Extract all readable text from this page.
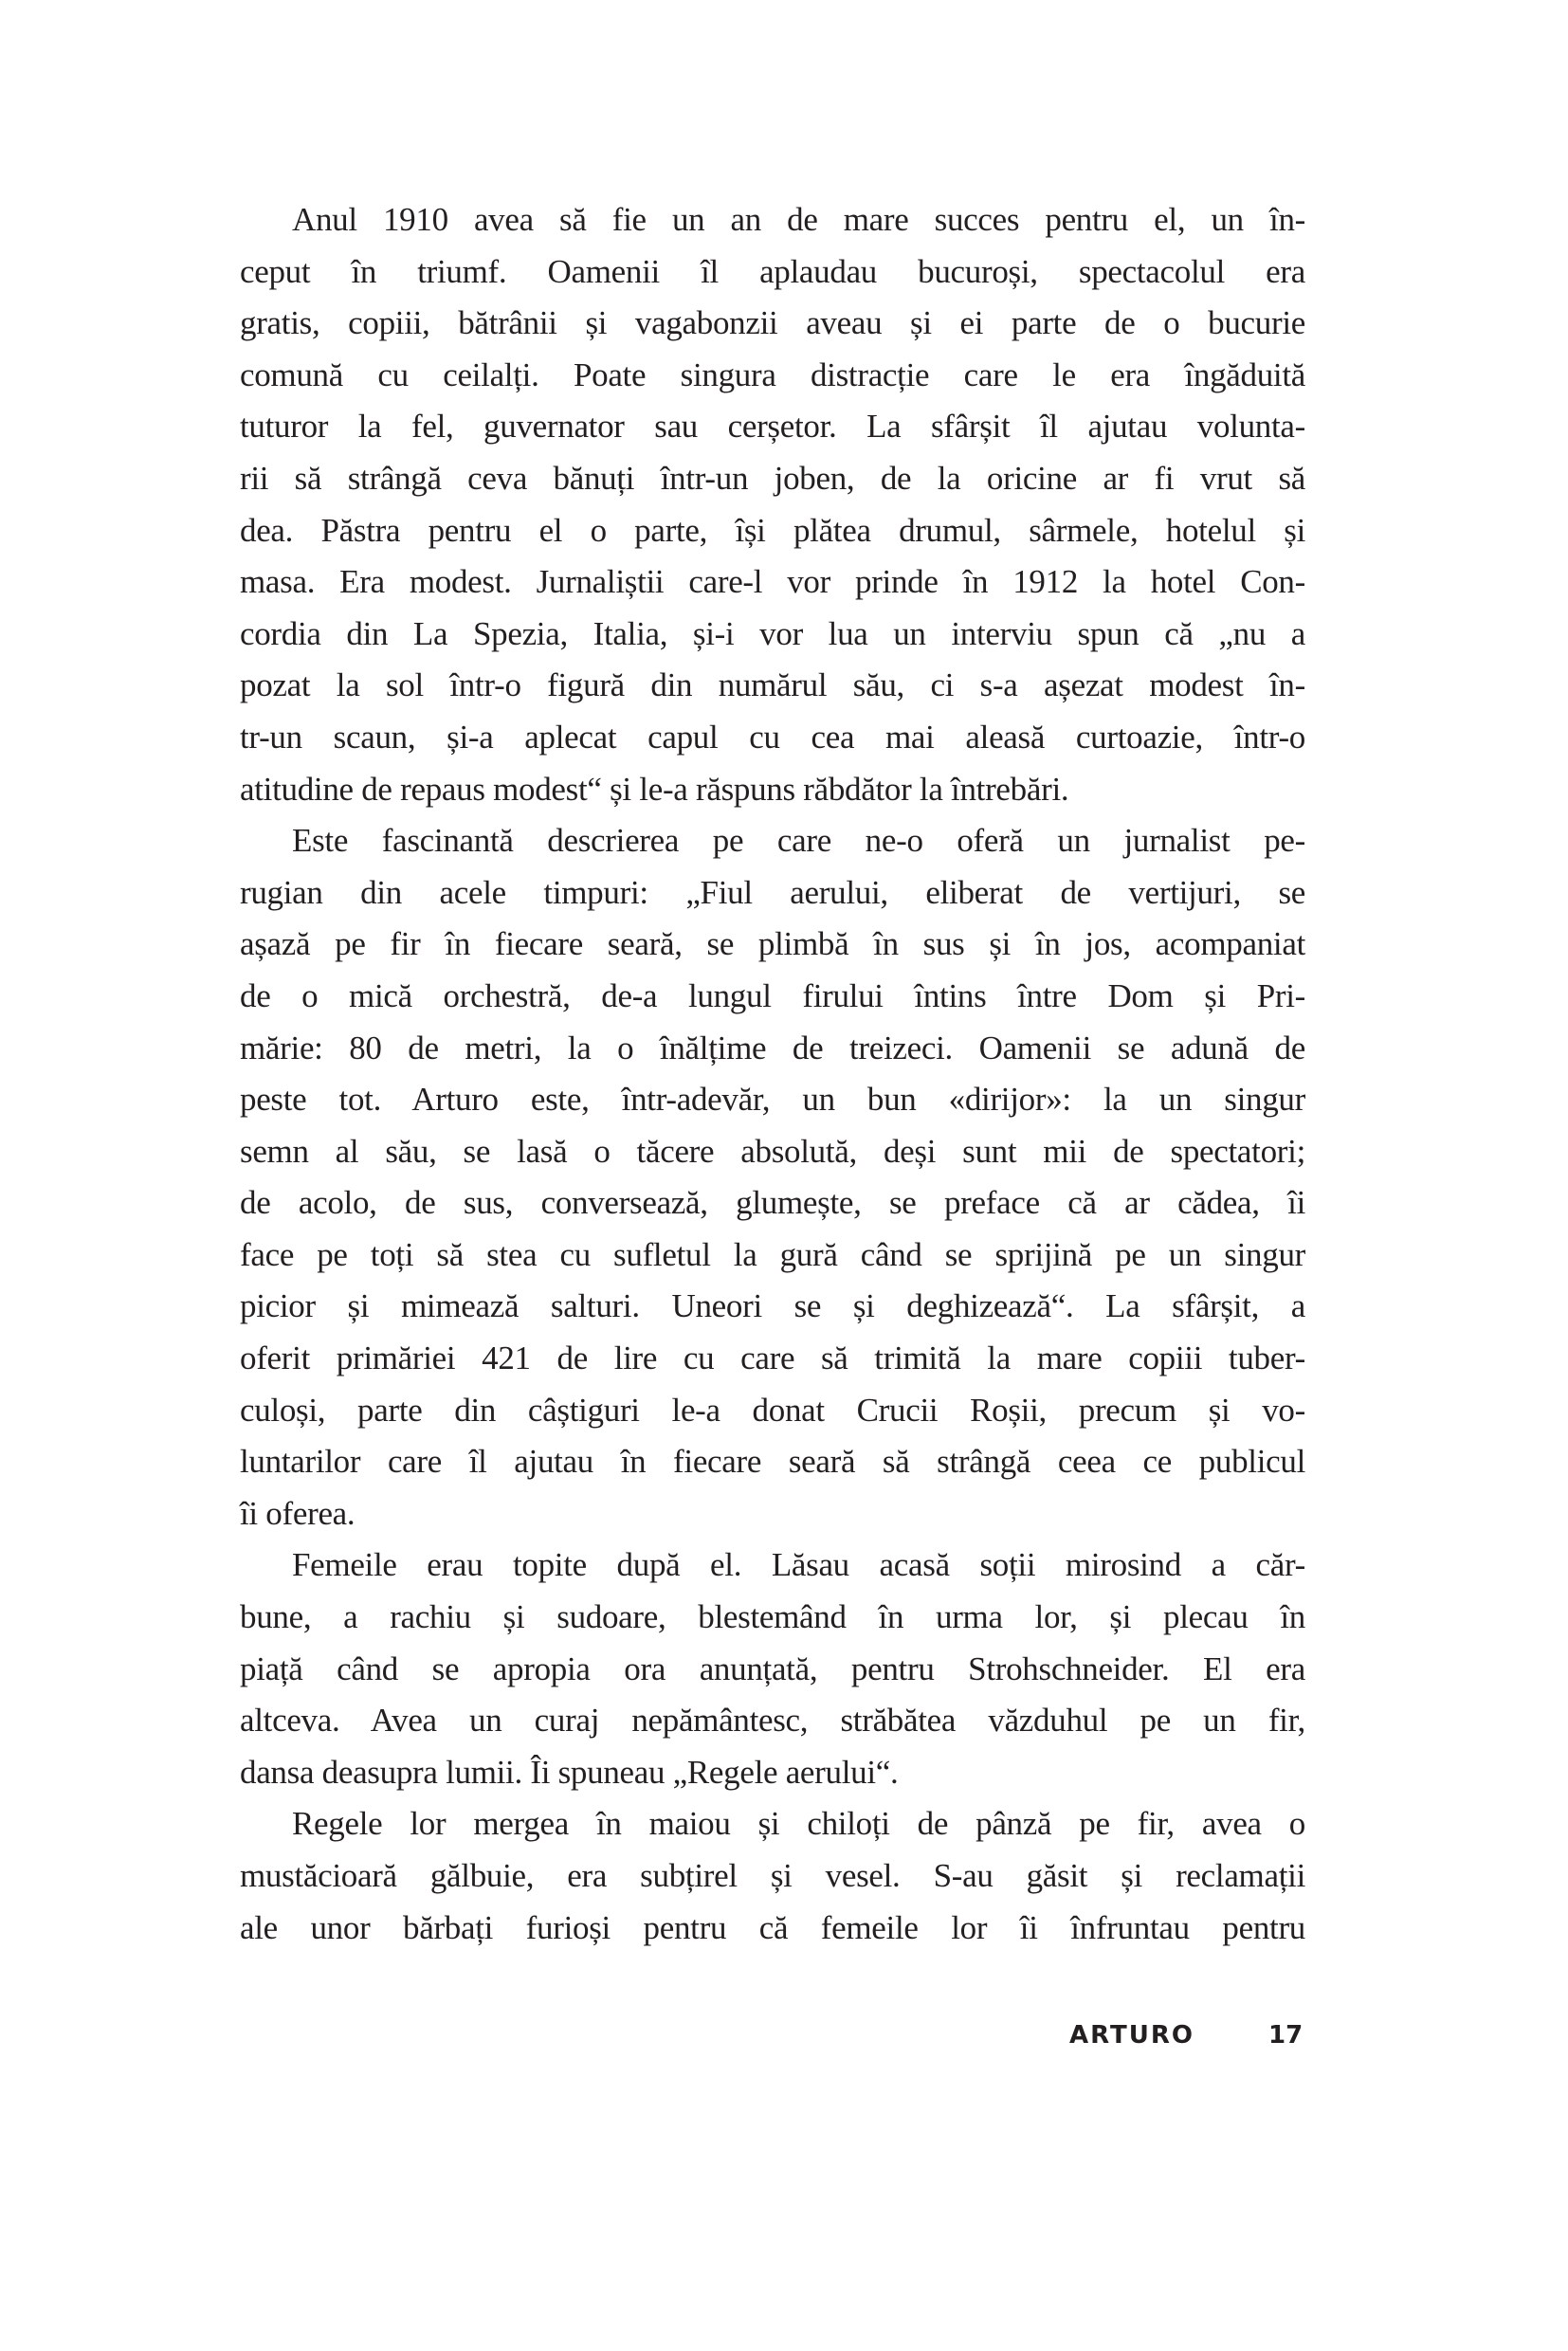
Anul 1910 avea să fie un an de mare succes pentru el, un în-
ceput în triumf. Oamenii îl aplaudau bucuroși, spectacolul era
gratis, copiii, bătrânii și vagabonzii aveau și ei parte de o bucurie
comună cu ceilalți. Poate singura distracție care le era îngăduită
tuturor la fel, guvernator sau cerșetor. La sfârșit îl ajutau volunta-
rii să strângă ceva bănuți într-un joben, de la oricine ar fi vrut să
dea. Păstra pentru el o parte, își plătea drumul, sârmele, hotelul și
masa. Era modest. Jurnaliștii care-l vor prinde în 1912 la hotel Con-
cordia din La Spezia, Italia, și-i vor lua un interviu spun că „nu a
pozat la sol într-o figură din numărul său, ci s-a așezat modest în-
tr-un scaun, și-a aplecat capul cu cea mai aleasă curtoazie, într-o
atitudine de repaus modest“ și le-a răspuns răbdător la întrebări.
Este fascinantă descrierea pe care ne-o oferă un jurnalist pe-
rugian din acele timpuri: „Fiul aerului, eliberat de vertijuri, se
așază pe fir în fiecare seară, se plimbă în sus și în jos, acompaniat
de o mică orchestră, de-a lungul firului întins între Dom și Pri-
mărie: 80 de metri, la o înălțime de treizeci. Oamenii se adună de
peste tot. Arturo este, într-adevăr, un bun «dirijor»: la un singur
semn al său, se lasă o tăcere absolută, deși sunt mii de spectatori;
de acolo, de sus, conversează, glumește, se preface că ar cădea, îi
face pe toți să stea cu sufletul la gură când se sprijină pe un singur
picior și mimează salturi. Uneori se și deghizează“. La sfârșit, a
oferit primăriei 421 de lire cu care să trimită la mare copiii tuber-
culoși, parte din câștiguri le-a donat Crucii Roșii, precum și vo-
luntarilor care îl ajutau în fiecare seară să strângă ceea ce publicul
îi oferea.
Femeile erau topite după el. Lăsau acasă soții mirosind a căr-
bune, a rachiu și sudoare, blestemând în urma lor, și plecau în
piață când se apropia ora anunțată, pentru Strohschneider. El era
altceva. Avea un curaj nepământesc, străbătea văzduhul pe un fir,
dansa deasupra lumii. Îi spuneau „Regele aerului“.
Regele lor mergea în maiou și chiloți de pânză pe fir, avea o
mustăcioară gălbuie, era subțirel și vesel. S-au găsit și reclamații
ale unor bărbați furioși pentru că femeile lor îi înfruntau pentru
ARTURO	17
